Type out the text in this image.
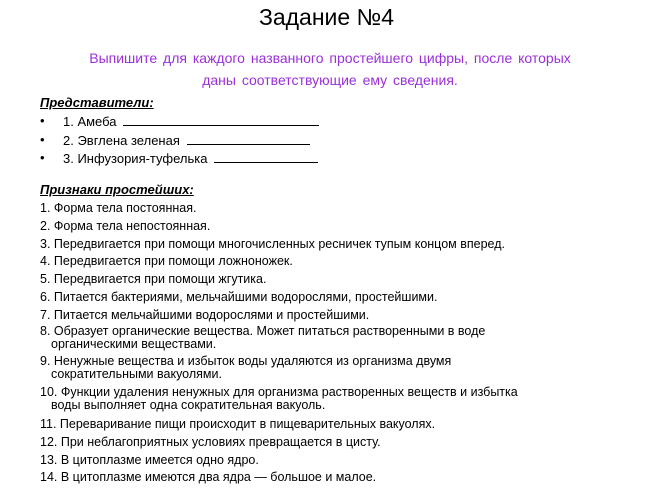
Задание №4
Выпишите для каждого названного простейшего цифры, после которых
даны соответствующие ему сведения.
Представители:
• 1. Амеба
• 2. Эвглена зеленая
• 3. Инфузория-туфелька
Признаки простейших:
1. Форма тела постоянная.
2. Форма тела непостоянная.
3. Передвигается при помощи многочисленных ресничек тупым концом вперед.
4. Передвигается при помощи ложноножек.
5. Передвигается при помощи жгутика.
6. Питается бактериями, мельчайшими водорослями, простейшими.
7. Питается мельчайшими водорослями и простейшими.
8. Образует органические вещества. Может питаться растворенными в воде
органическими веществами.
9. Ненужные вещества и избыток воды удаляются из организма двумя
сократительными вакуолями.
10. Функции удаления ненужных для организма растворенных веществ и избытка
воды выполняет одна сократительная вакуоль.
11. Переваривание пищи происходит в пищеварительных вакуолях.
12. При неблагоприятных условиях превращается в цисту.
13. В цитоплазме имеется одно ядро.
14. В цитоплазме имеются два ядра — большое и малое.
